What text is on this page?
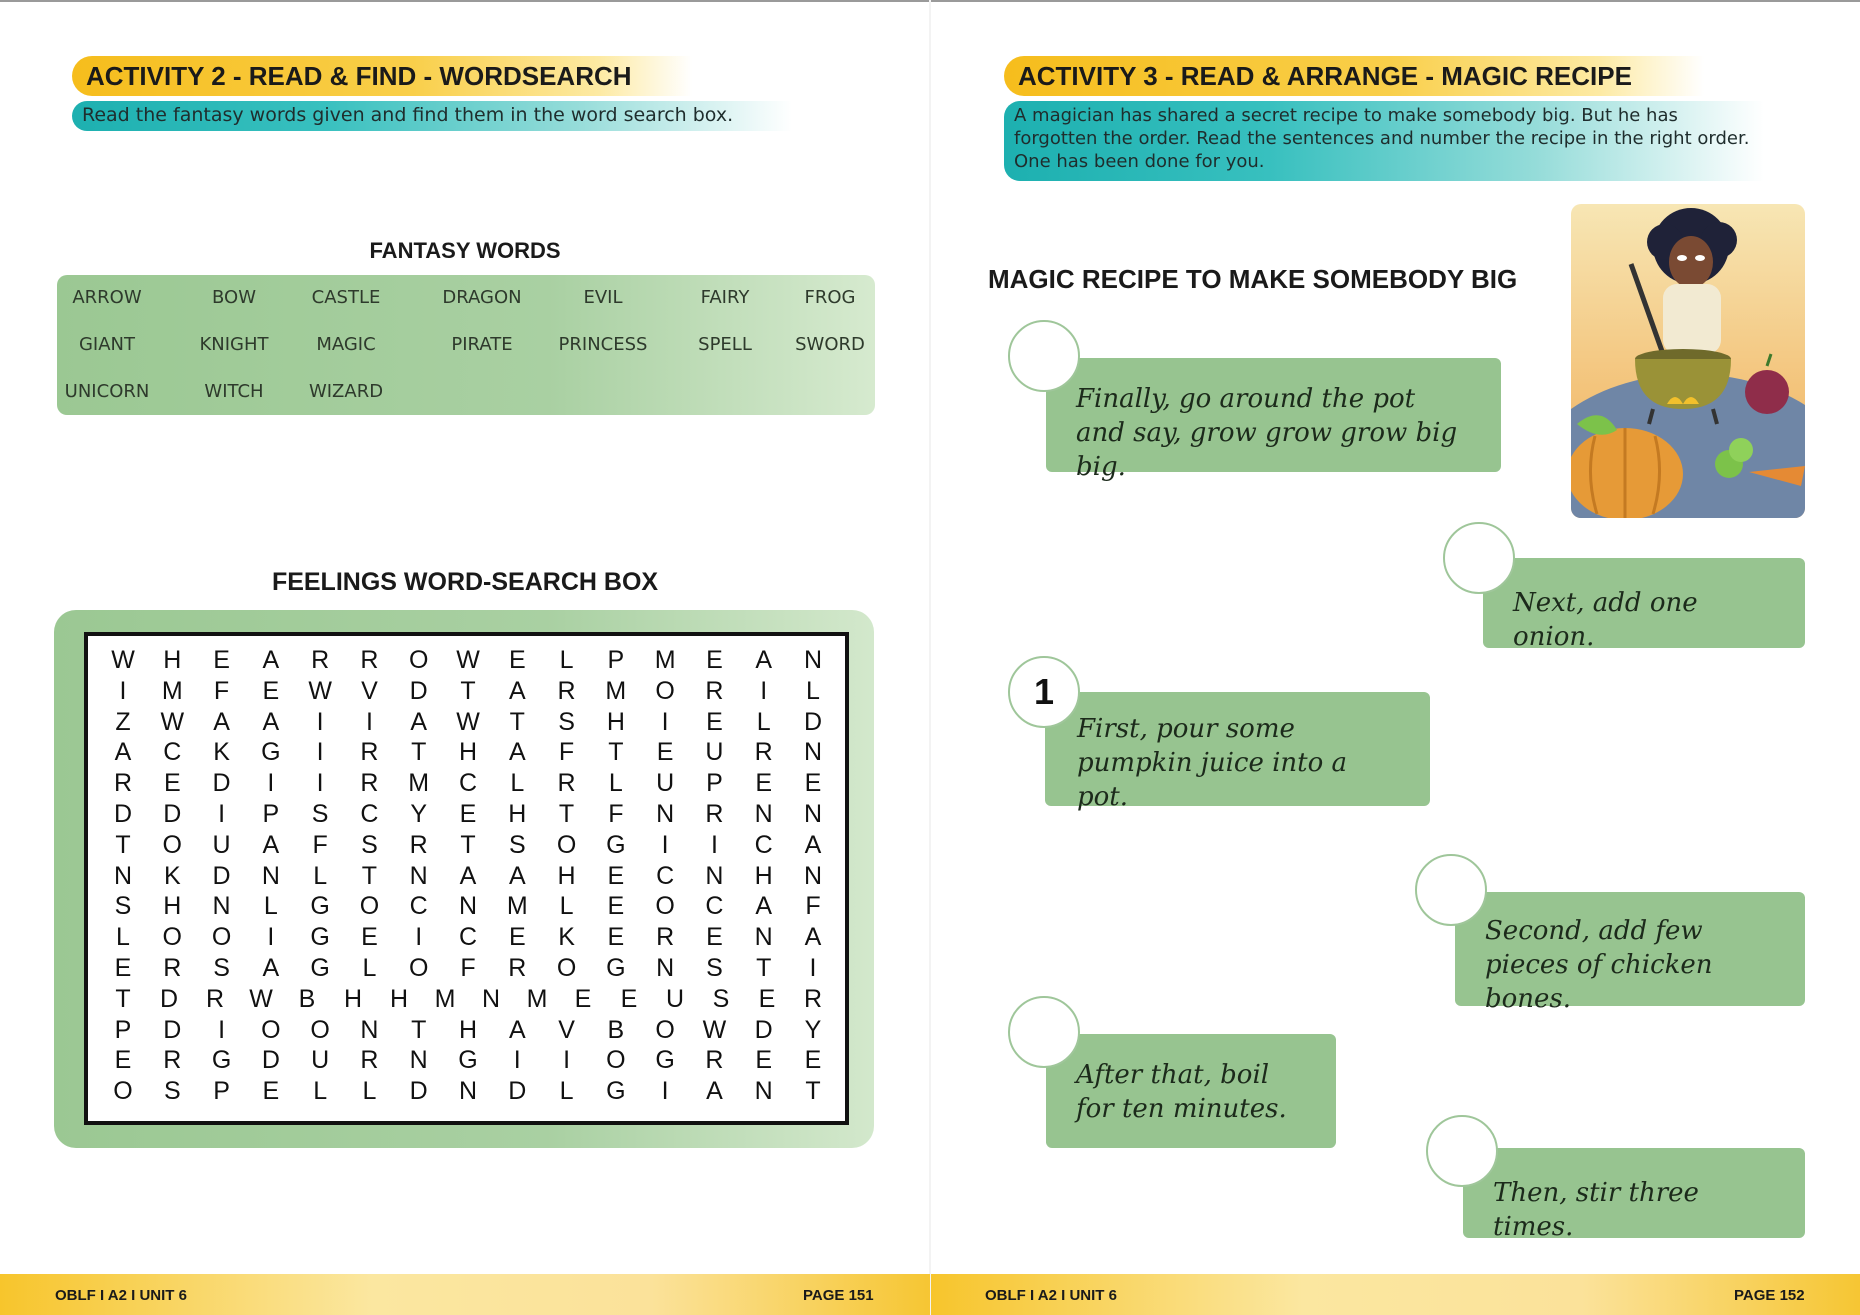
ACTIVITY 2 - READ & FIND - WORDSEARCH
Read the fantasy words given and find them in the word search box.
FANTASY WORDS
ARROW	BOW	CASTLE	DRAGON	EVIL	FAIRY	FROG
GIANT	KNIGHT	MAGIC	PIRATE	PRINCESS	SPELL SWORD
UNICORN	WITCH	WIZARD
FEELINGS WORD-SEARCH BOX
W H E A R R O W E	L	P M E A N
I	M F E W V D T A R M O R	I	L
Z W A A	I	I	A W T S H	I	E	L	D
A C K G	I	R T H A F T E U R N
R E D	I	I	R M C	L	R	L	U P E E
D D	I	P S C Y E H T F N R N N
T O U A F S R T S O G	I	I	C A
N K D N	L	T N A A H E C N H N
S H N	L	G O C N M	L	E O C A F
L	O O	I	G E	I	C E K E R E N A
E R S A G	L	O F R O G N S T	I
T D R W B H H M N M E E U S E R
P D	I	O O N T H A V B O W D Y
E R G D U R N G	I	I	O G R E E
O S P E	L	L	D N D	L	G	I	A N T
OBLF I A2 I UNIT 6	PAGE 151
ACTIVITY 3 - READ & ARRANGE - MAGIC RECIPE
A magician has shared a secret recipe to make somebody big. But he has forgotten the order. Read the sentences and number the recipe in the right order. One has been done for you.
MAGIC RECIPE TO MAKE SOMEBODY BIG
Finally, go around the pot and say, grow grow grow big big.
Next, add one onion.
First, pour some pumpkin juice into a pot.
1
Second, add few pieces of chicken bones.
After that, boil for ten minutes.
Then, stir three times.
OBLF I A2 I UNIT 6	PAGE 152
